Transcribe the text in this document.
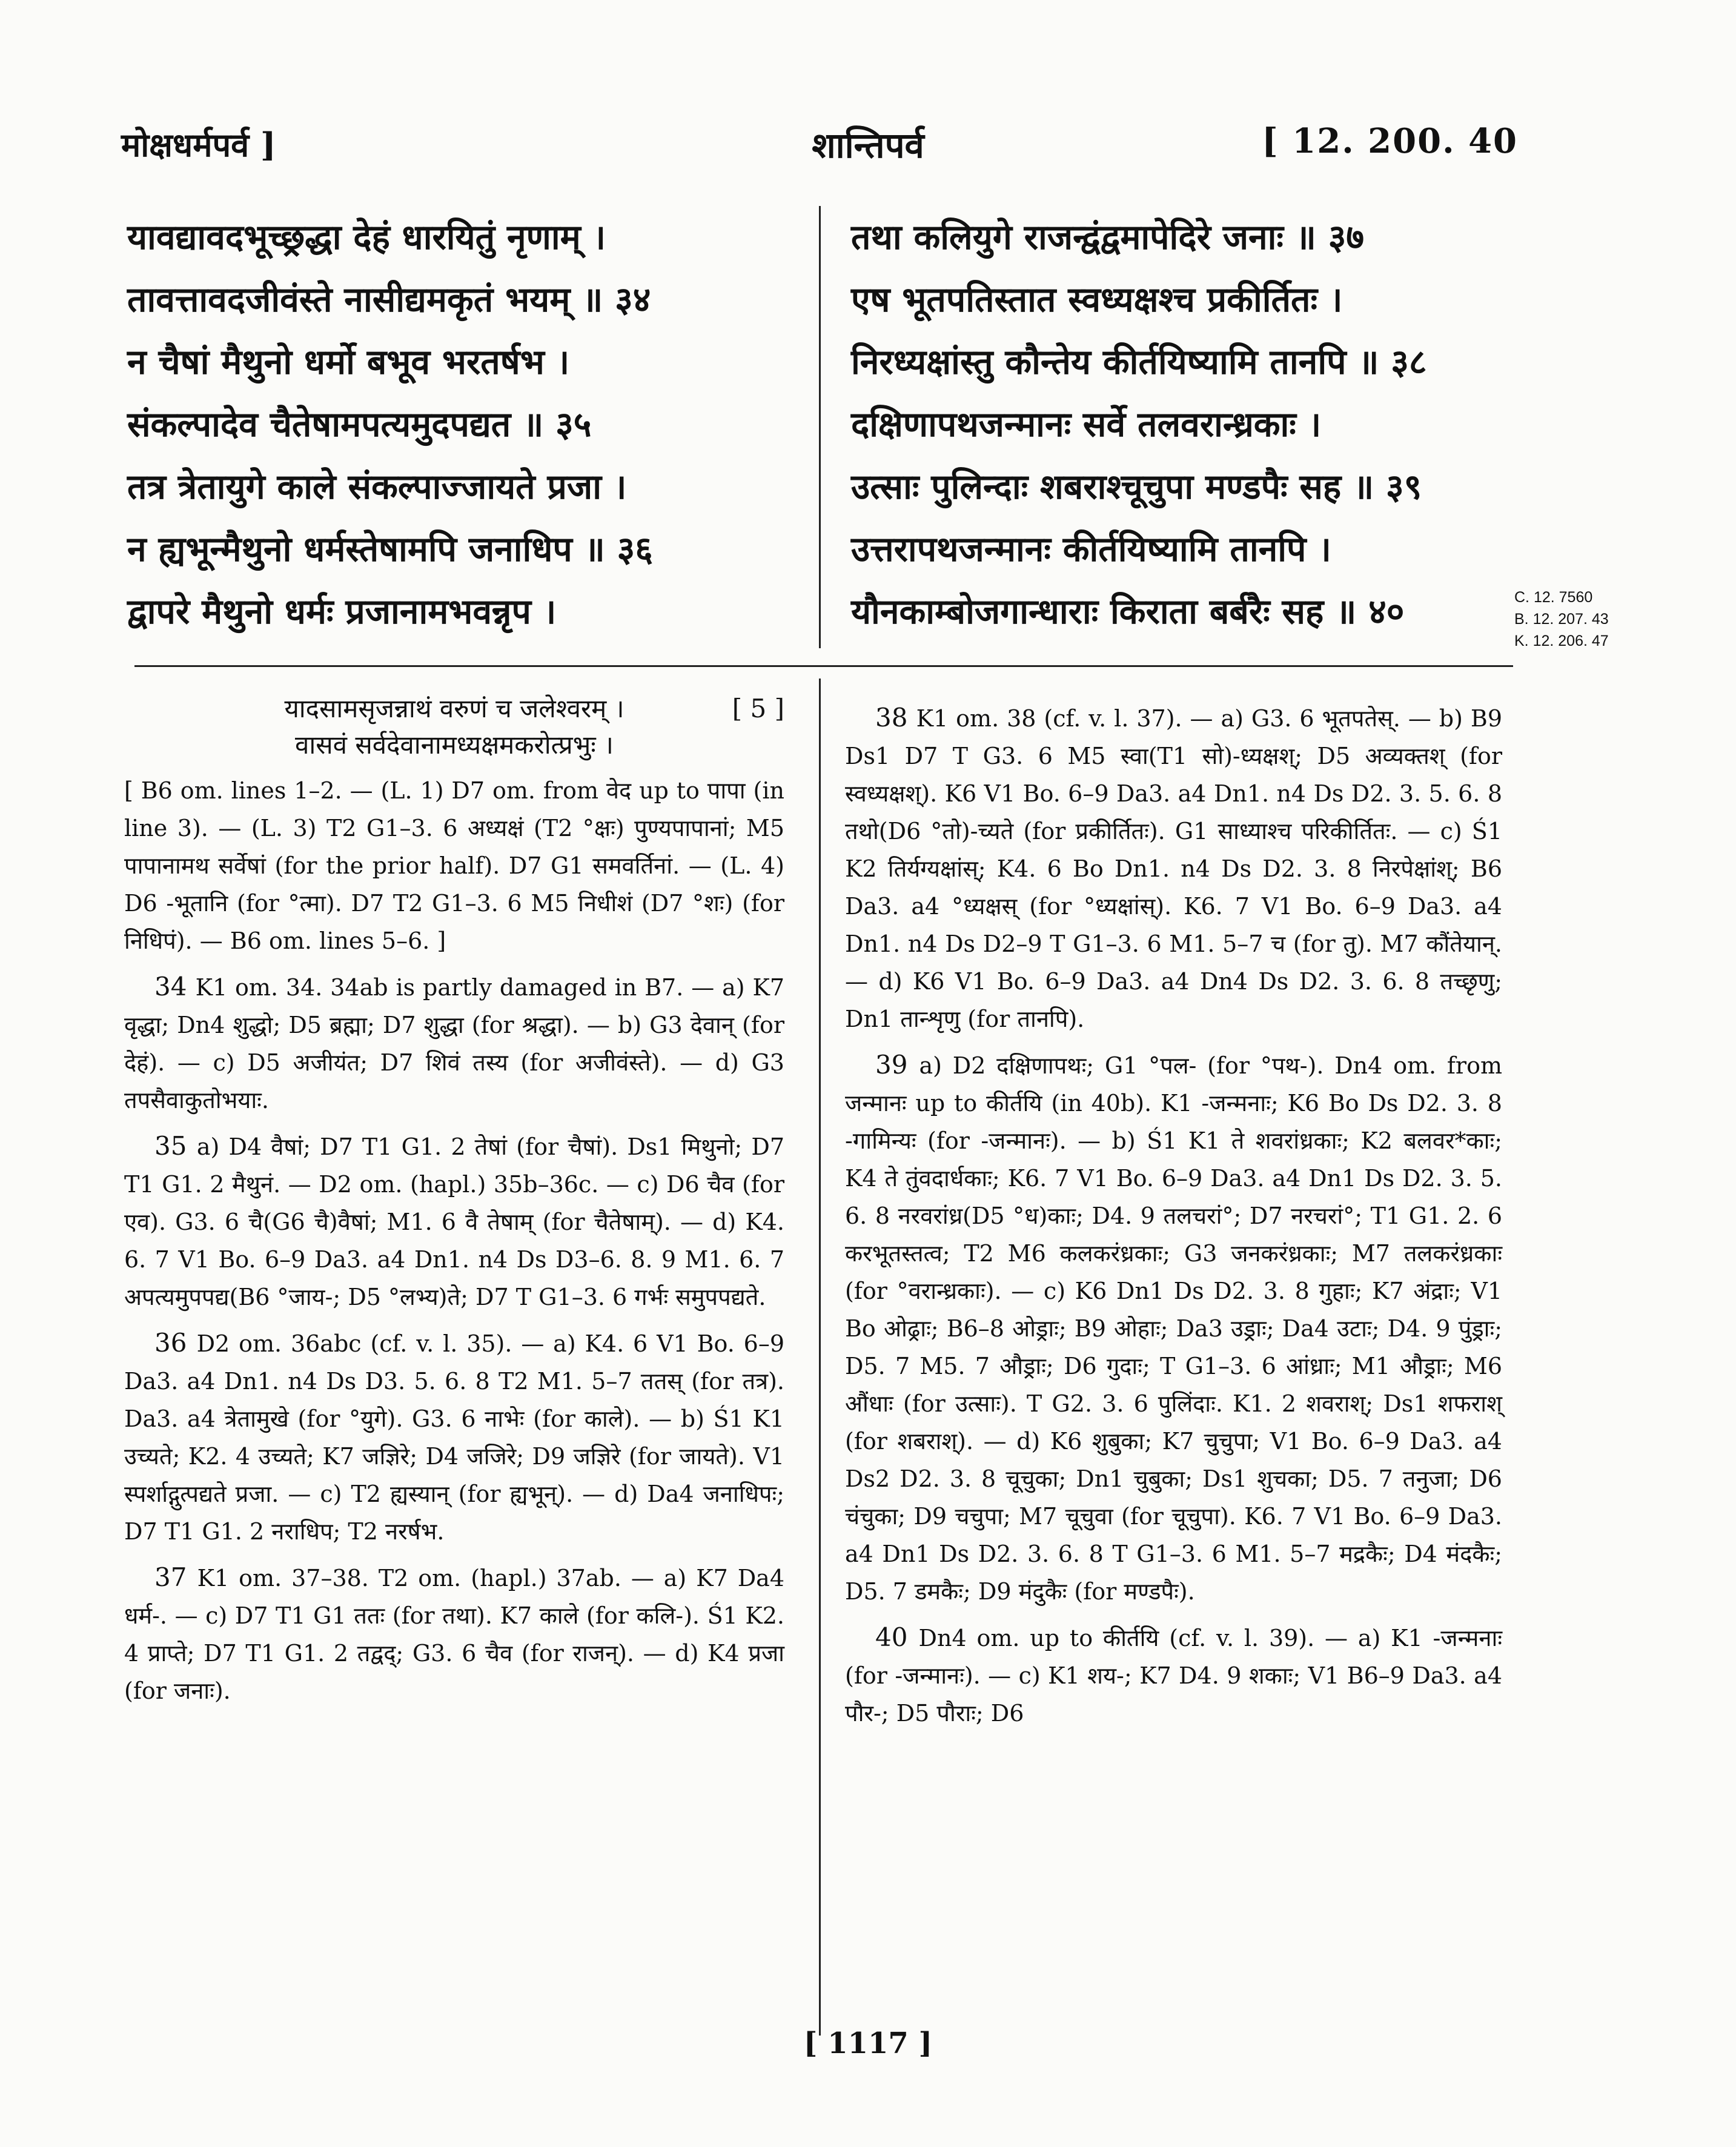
मोक्षधर्मपर्व ]	शान्तिपर्व	[ 12. 200. 40
यावद्यावदभूच्छ्रद्धा देहं धारयितुं नृणाम् ।
तावत्तावदजीवंस्ते नासीद्यमकृतं भयम् ॥ ३४
न चैषां मैथुनो धर्मो बभूव भरतर्षभ ।
संकल्पादेव चैतेषामपत्यमुदपद्यत ॥ ३५
तत्र त्रेतायुगे काले संकल्पाज्जायते प्रजा ।
न ह्यभून्मैथुनो धर्मस्तेषामपि जनाधिप ॥ ३६
द्वापरे मैथुनो धर्मः प्रजानामभवन्नृप ।
तथा कलियुगे राजन्द्वंद्वमापेदिरे जनाः ॥ ३७
एष भूतपतिस्तात स्वध्यक्षश्च प्रकीर्तितः ।
निरध्यक्षांस्तु कौन्तेय कीर्तयिष्यामि तानपि ॥ ३८
दक्षिणापथजन्मानः सर्वे तलवरान्ध्रकाः ।
उत्साः पुलिन्दाः शबराश्चूचुपा मण्डपैः सह ॥ ३९
उत्तरापथजन्मानः कीर्तयिष्यामि तानपि ।
यौनकाम्बोजगान्धाराः किराता बर्बरैः सह ॥ ४०	C. 12. 7560
B. 12. 207. 43
K. 12. 206. 47
यादसामसृजन्नाथं वरुणं च जलेश्वरम् ।	[ 5 ]
वासवं सर्वदेवानामध्यक्षमकरोत्प्रभुः ।
[ B6 om. lines 1–2. — (L. 1) D7 om. from वेद up to पापा (in line 3). — (L. 3) T2 G1–3. 6 अध्यक्षं (T2 °क्षः) पुण्यपापानां; M5 पापानामथ सर्वेषां (for the prior half). D7 G1 समवर्तिनां. — (L. 4) D6 -भूतानि (for °त्मा). D7 T2 G1–3. 6 M5 निधीशं (D7 °शः) (for निधिपं). — B6 om. lines 5–6. ]
34 K1 om. 34. 34ab is partly damaged in B7. — a) K7 वृद्धा; Dn4 शुद्धो; D5 ब्रह्मा; D7 शुद्धा (for श्रद्धा). — b) G3 देवान् (for देहं). — c) D5 अजीयंत; D7 शिवं तस्य (for अजीवंस्ते). — d) G3 तपसैवाकुतोभयाः.
35 a) D4 वैषां; D7 T1 G1. 2 तेषां (for चैषां). Ds1 मिथुनो; D7 T1 G1. 2 मैथुनं. — D2 om. (hapl.) 35b–36c. — c) D6 चैव (for एव). G3. 6 चै(G6 चै)वैषां; M1. 6 वै तेषाम् (for चैतेषाम्). — d) K4. 6. 7 V1 Bo. 6–9 Da3. a4 Dn1. n4 Ds D3–6. 8. 9 M1. 6. 7 अपत्यमुपपद्य(B6 °जाय-; D5 °लभ्य)ते; D7 T G1–3. 6 गर्भः समुपपद्यते.
36 D2 om. 36abc (cf. v. l. 35). — a) K4. 6 V1 Bo. 6–9 Da3. a4 Dn1. n4 Ds D3. 5. 6. 8 T2 M1. 5–7 ततस् (for तत्र). Da3. a4 त्रेतामुखे (for °युगे). G3. 6 नाभेः (for काले). — b) Ś1 K1 उच्यते; K2. 4 उच्यते; K7 जज्ञिरे; D4 जजिरे; D9 जज्ञिरे (for जायते). V1 स्पर्शाद्गुत्पद्यते प्रजा. — c) T2 ह्यस्यान् (for ह्यभून्). — d) Da4 जनाधिपः; D7 T1 G1. 2 नराधिप; T2 नरर्षभ.
37 K1 om. 37–38. T2 om. (hapl.) 37ab. — a) K7 Da4 धर्म-. — c) D7 T1 G1 ततः (for तथा). K7 काले (for कलि-). Ś1 K2. 4 प्राप्ते; D7 T1 G1. 2 तद्वद्; G3. 6 चैव (for राजन्). — d) K4 प्रजा (for जनाः).
38 K1 om. 38 (cf. v. l. 37). — a) G3. 6 भूतपतेस्. — b) B9 Ds1 D7 T G3. 6 M5 स्वा(T1 सो)-ध्यक्षश्; D5 अव्यक्तश् (for स्वध्यक्षश्). K6 V1 Bo. 6–9 Da3. a4 Dn1. n4 Ds D2. 3. 5. 6. 8 तथो(D6 °तो)-च्यते (for प्रकीर्तितः). G1 साध्याश्च परिकीर्तितः. — c) Ś1 K2 तिर्यग्यक्षांस्; K4. 6 Bo Dn1. n4 Ds D2. 3. 8 निरपेक्षांश्; B6 Da3. a4 °ध्यक्षस् (for °ध्यक्षांस्). K6. 7 V1 Bo. 6–9 Da3. a4 Dn1. n4 Ds D2–9 T G1–3. 6 M1. 5–7 च (for तु). M7 कौंतेयान्. — d) K6 V1 Bo. 6–9 Da3. a4 Dn4 Ds D2. 3. 6. 8 तच्छृणु; Dn1 तान्शृणु (for तानपि).
39 a) D2 दक्षिणापथः; G1 °पल- (for °पथ-). Dn4 om. from जन्मानः up to कीर्तयि (in 40b). K1 -जन्मनाः; K6 Bo Ds D2. 3. 8 -गामिन्यः (for -जन्मानः). — b) Ś1 K1 ते शवरांध्रकाः; K2 बलवर*काः; K4 ते तुंवदार्धकाः; K6. 7 V1 Bo. 6–9 Da3. a4 Dn1 Ds D2. 3. 5. 6. 8 नरवरांध्र(D5 °ध)काः; D4. 9 तलचरां°; D7 नरचरां°; T1 G1. 2. 6 करभूतस्तत्व; T2 M6 कलकरंध्रकाः; G3 जनकरंध्रकाः; M7 तलकरंध्रकाः (for °वरान्ध्रकाः). — c) K6 Dn1 Ds D2. 3. 8 गुहाः; K7 अंद्राः; V1 Bo ओढ्राः; B6–8 ओड्राः; B9 ओहाः; Da3 उड्राः; Da4 उटाः; D4. 9 पुंड्राः; D5. 7 M5. 7 औड्राः; D6 गुदाः; T G1–3. 6 आंध्राः; M1 औड्राः; M6 औंधाः (for उत्साः). T G2. 3. 6 पुलिंदाः. K1. 2 शवराश्; Ds1 शफराश् (for शबराश्). — d) K6 शुबुका; K7 चुचुपा; V1 Bo. 6–9 Da3. a4 Ds2 D2. 3. 8 चूचुका; Dn1 चुबुका; Ds1 शुचका; D5. 7 तनुजा; D6 चंचुका; D9 चचुपा; M7 चूचुवा (for चूचुपा). K6. 7 V1 Bo. 6–9 Da3. a4 Dn1 Ds D2. 3. 6. 8 T G1–3. 6 M1. 5–7 मद्रकैः; D4 मंदकैः; D5. 7 डमकैः; D9 मंदुकैः (for मण्डपैः).
40 Dn4 om. up to कीर्तयि (cf. v. l. 39). — a) K1 -जन्मनाः (for -जन्मानः). — c) K1 शय-; K7 D4. 9 शकाः; V1 B6–9 Da3. a4 पौर-; D5 पौराः; D6
[ 1117 ]
